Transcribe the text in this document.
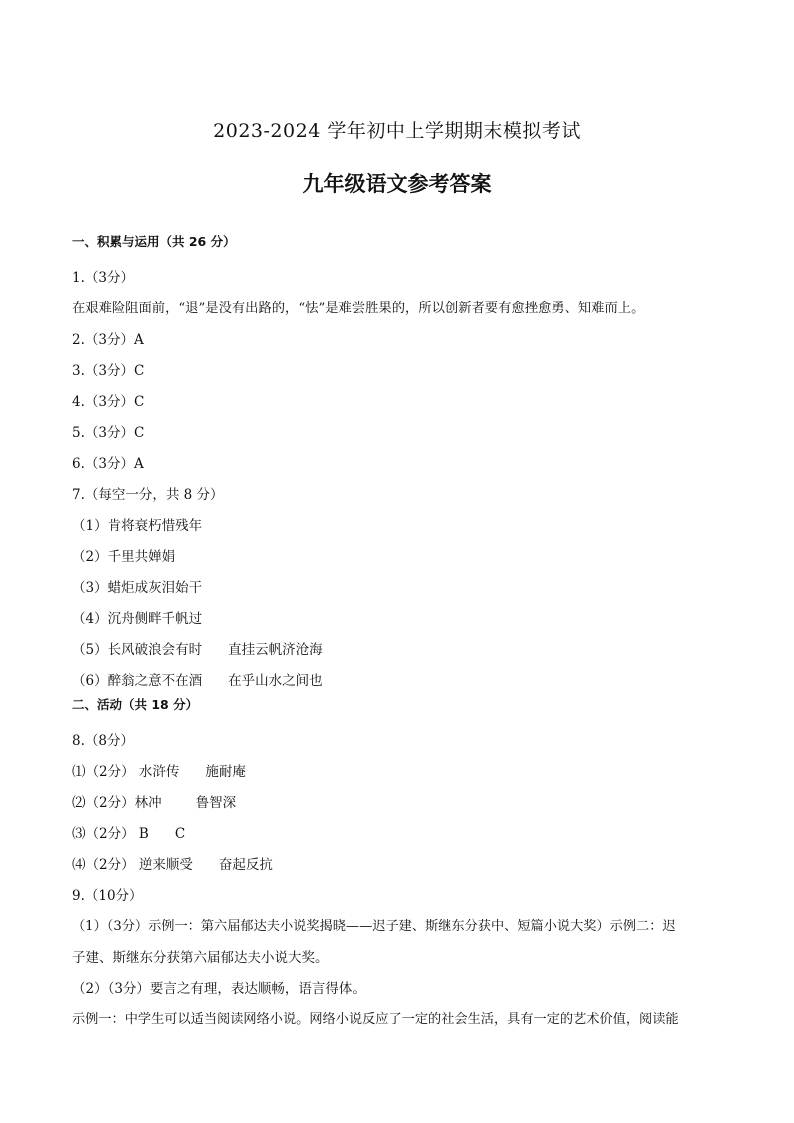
2023-2024 学年初中上学期期末模拟考试
九年级语文参考答案
一、积累与运用（共 26 分）
1.（3分）
在艰难险阻面前，“退”是没有出路的，“怯”是难尝胜果的，所以创新者要有愈挫愈勇、知难而上。
2.（3分）A
3.（3分）C
4.（3分）C
5.（3分）C
6.（3分）A
7.（每空一分，共 8 分）
（1）肯将衰朽惜残年
（2）千里共婵娟
（3）蜡炬成灰泪始干
（4）沉舟侧畔千帆过
（5）长风破浪会有时 直挂云帆济沧海
（6）醉翁之意不在酒 在乎山水之间也
二、活动（共 18 分）
8.（8分）
⑴（2分） 水浒传 施耐庵
⑵（2分）林冲	鲁智深
⑶（2分） B C
⑷（2分） 逆来顺受 奋起反抗
9.（10分）
（1）（3分）示例一：第六届郁达夫小说奖揭晓——迟子建、斯继东分获中、短篇小说大奖）示例二：迟
子建、斯继东分获第六届郁达夫小说大奖。
（2）（3分）要言之有理，表达顺畅，语言得体。
示例一：中学生可以适当阅读网络小说。网络小说反应了一定的社会生活，具有一定的艺术价值，阅读能
